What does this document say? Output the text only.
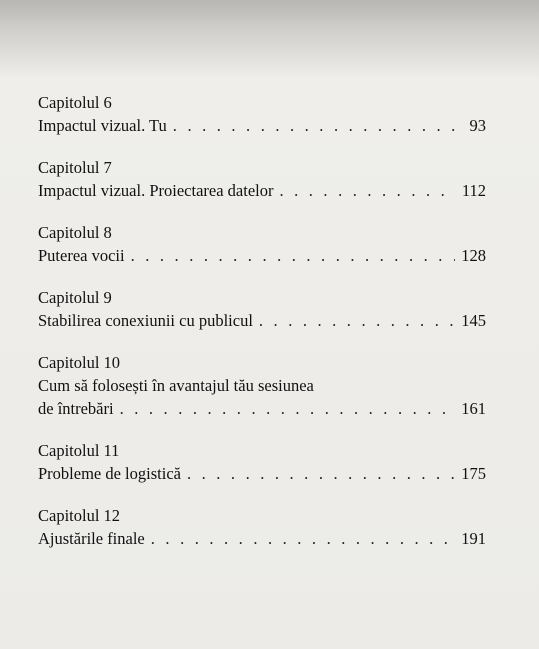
Capitolul 6
Impactul vizual. Tu . . .	93
Capitolul 7
Impactul vizual. Proiectarea datelor . . .	112
Capitolul 8
Puterea vocii . . .	128
Capitolul 9
Stabilirea conexiunii cu publicul . . .	145
Capitolul 10
Cum să folosești în avantajul tău sesiunea
de întrebări . . .	161
Capitolul 11
Probleme de logistică . . .	175
Capitolul 12
Ajustările finale . . .	191
